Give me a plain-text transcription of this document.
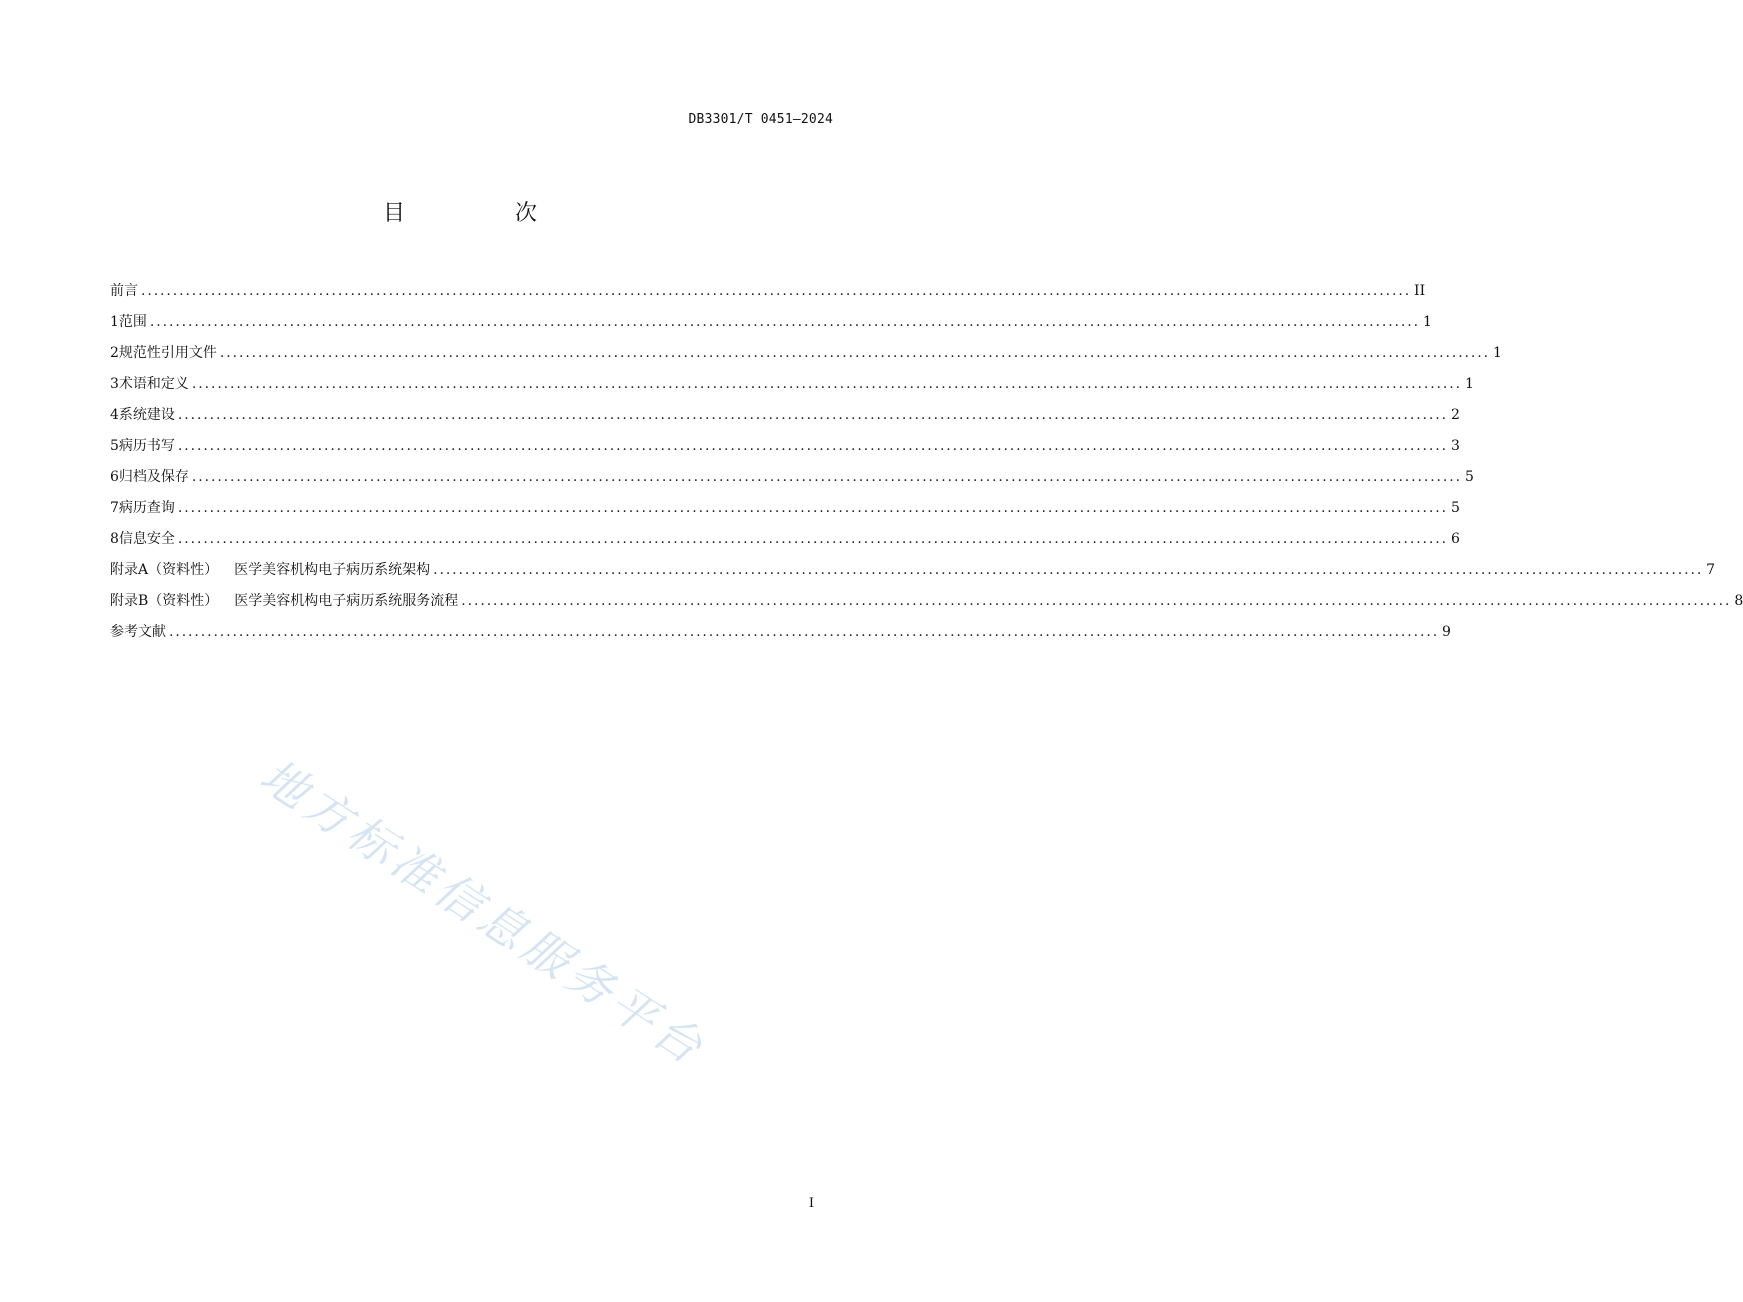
DB3301/T 0451—2024
目　次
前言 ........................................................................................................................................................................................................ II
1 范围 ........................................................................................................................................................................................................ 1
2 规范性引用文件 ........................................................................................................................................................................................................ 1
3 术语和定义 ........................................................................................................................................................................................................ 1
4 系统建设 ........................................................................................................................................................................................................ 2
5 病历书写 ........................................................................................................................................................................................................ 3
6 归档及保存 ........................................................................................................................................................................................................ 5
7 病历查询 ........................................................................................................................................................................................................ 5
8 信息安全 ........................................................................................................................................................................................................ 6
附录A（资料性） 医学美容机构电子病历系统架构 ........................................................................................................................................................................................................ 7
附录B（资料性） 医学美容机构电子病历系统服务流程 ........................................................................................................................................................................................................ 8
参考文献 ........................................................................................................................................................................................................ 9
地方标准信息服务平台
I
